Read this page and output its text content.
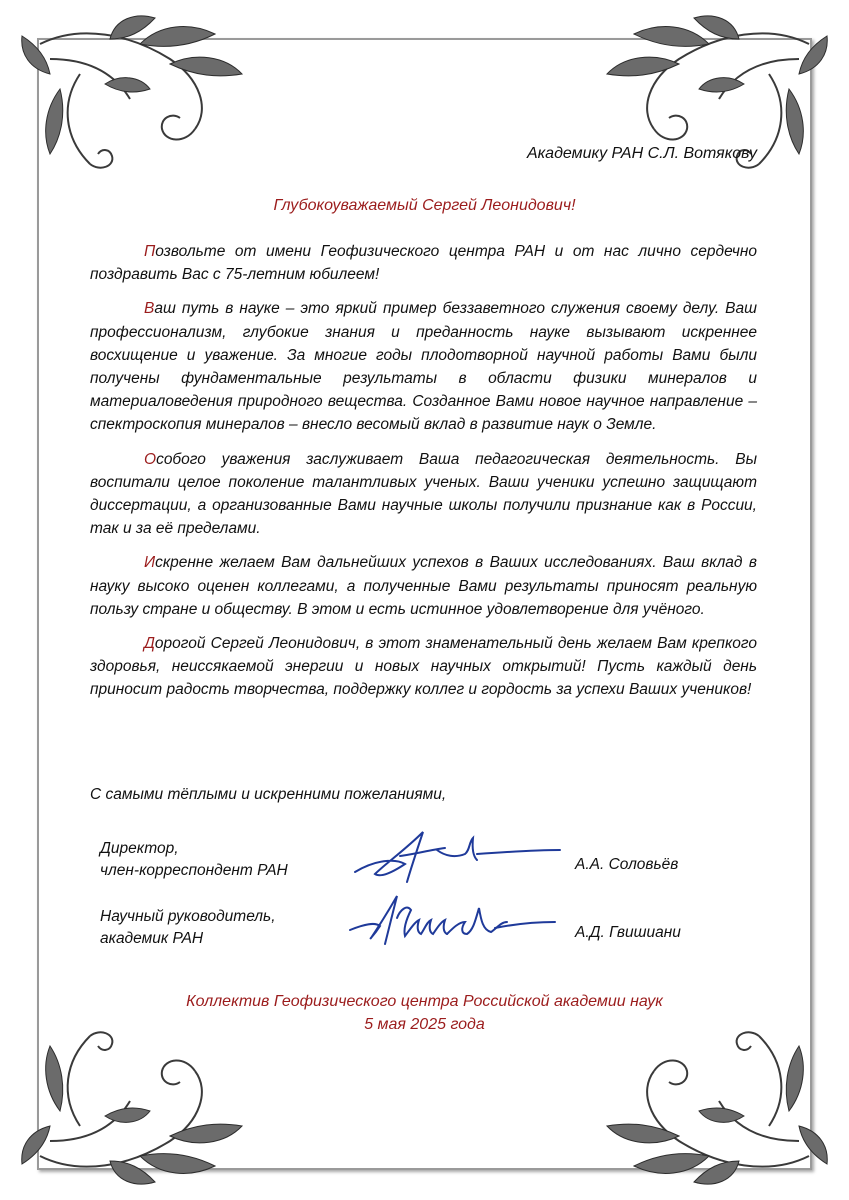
Академику РАН С.Л. Вотякову

Глубокоуважаемый Сергей Леонидович!

Позвольте от имени Геофизического центра РАН и от нас лично сердечно поздравить Вас с 75-летним юбилеем!

Ваш путь в науке – это яркий пример беззаветного служения своему делу. Ваш профессионализм, глубокие знания и преданность науке вызывают искреннее восхищение и уважение. За многие годы плодотворной научной работы Вами были получены фундаментальные результаты в области физики минералов и материаловедения природного вещества. Созданное Вами новое научное направление – спектроскопия минералов – внесло весомый вклад в развитие наук о Земле.

Особого уважения заслуживает Ваша педагогическая деятельность. Вы воспитали целое поколение талантливых ученых. Ваши ученики успешно защищают диссертации, а организованные Вами научные школы получили признание как в России, так и за её пределами.

Искренне желаем Вам дальнейших успехов в Ваших исследованиях. Ваш вклад в науку высоко оценен коллегами, а полученные Вами результаты приносят реальную пользу стране и обществу. В этом и есть истинное удовлетворение для учёного.

Дорогой Сергей Леонидович, в этот знаменательный день желаем Вам крепкого здоровья, неиссякаемой энергии и новых научных открытий! Пусть каждый день приносит радость творчества, поддержку коллег и гордость за успехи Ваших учеников!

С самыми тёплыми и искренними пожеланиями,

Директор,
член-корреспондент РАН	А.А. Соловьёв
Научный руководитель,
академик РАН	А.Д. Гвишиани
Коллектив Геофизического центра Российской академии наук
5 мая 2025 года
